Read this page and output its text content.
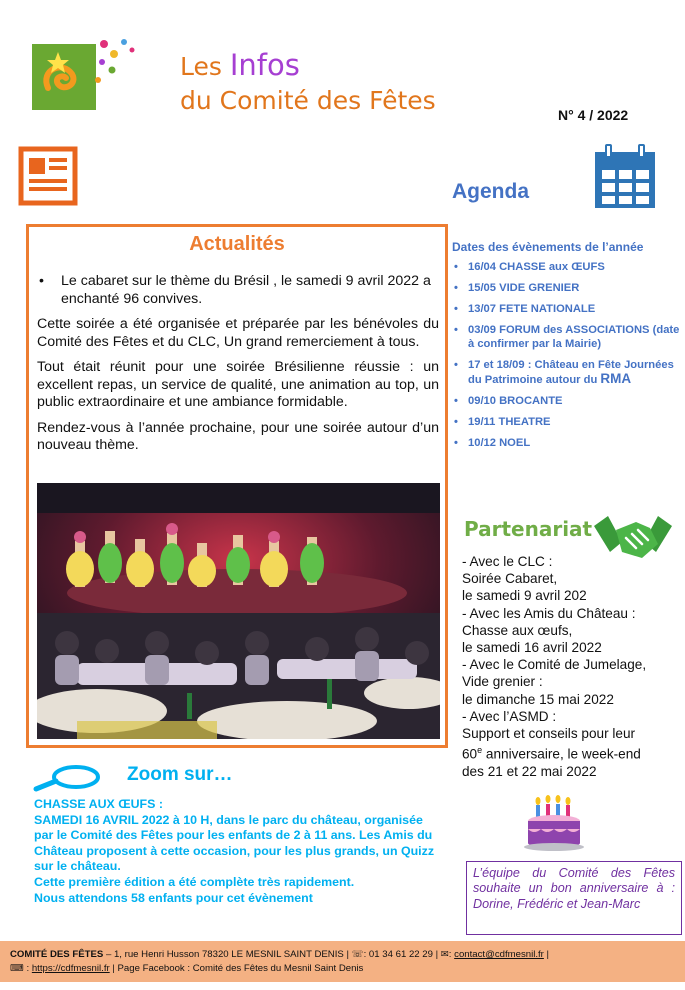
Les Infos
du Comité des Fêtes	N° 4 / 2022
Agenda
Actualités
•	Le cabaret sur le thème du Brésil , le samedi 9 avril 2022 a enchanté 96 convives.

Cette soirée a été organisée et préparée par les bénévoles du Comité des Fêtes et du CLC, Un grand remerciement à tous.

Tout était réunit pour une soirée Brésilienne réussie : un excellent repas, un service de qualité, une animation au top, un public extraordinaire et une ambiance formidable.

Rendez-vous à l’année prochaine, pour une soirée autour d’un nouveau thème.

Dates des évènements de l’année
• 16/04 CHASSE aux ŒUFS
• 15/05 VIDE GRENIER
• 13/07 FETE NATIONALE
• 03/09 FORUM des ASSOCIATIONS (date à confirmer par la Mairie)
• 17 et 18/09 : Château en Fête Journées du Patrimoine autour du RMA
• 09/10 BROCANTE
• 19/11 THEATRE
• 10/12 NOEL
Partenariat
- Avec le CLC :
Soirée Cabaret,
le samedi 9 avril 202
- Avec les Amis du Château :
Chasse aux œufs,
le samedi 16 avril 2022
- Avec le Comité de Jumelage,
Vide grenier :
le dimanche 15 mai 2022
- Avec l’ASMD :
Support et conseils pour leur
60e anniversaire, le week-end
des 21 et 22 mai 2022
L’équipe du Comité des Fêtes souhaite un bon anniversaire à : Dorine, Frédéric et Jean-Marc
Zoom sur…
CHASSE AUX ŒUFS :
SAMEDI 16 AVRIL 2022 à 10 H, dans le parc du château, organisée par le Comité des Fêtes pour les enfants de 2 à 11 ans. Les Amis du Château proposent à cette occasion, pour les plus grands, un Quizz sur le château.
Cette première édition a été complète très rapidement.
Nous attendons 58 enfants pour cet évènement
COMITÉ DES FÊTES – 1, rue Henri Husson 78320 LE MESNIL SAINT DENIS | ☏: 01 34 61 22 29 | ✉: contact@cdfmesnil.fr |
⌨ : https://cdfmesnil.fr | Page Facebook : Comité des Fêtes du Mesnil Saint Denis
